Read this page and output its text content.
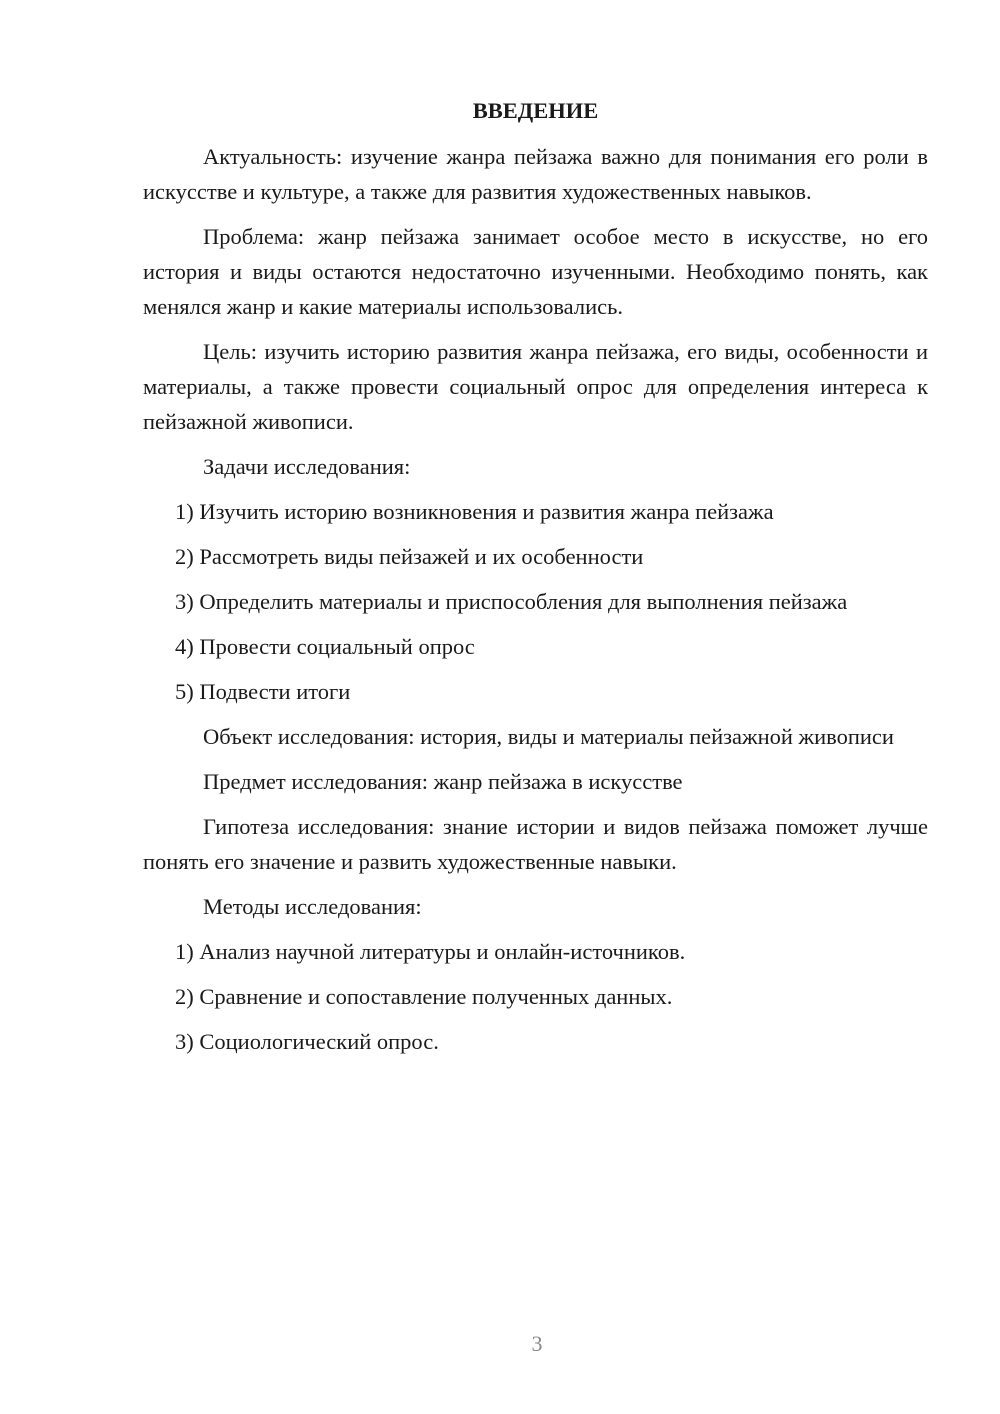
ВВЕДЕНИЕ

Актуальность: изучение жанра пейзажа важно для понимания его роли в искусстве и культуре, а также для развития художественных навыков.

Проблема: жанр пейзажа занимает особое место в искусстве, но его история и виды остаются недостаточно изученными. Необходимо понять, как менялся жанр и какие материалы использовались.

Цель: изучить историю развития жанра пейзажа, его виды, особенности и материалы, а также провести социальный опрос для определения интереса к пейзажной живописи.

Задачи исследования:

1) Изучить историю возникновения и развития жанра пейзажа

2) Рассмотреть виды пейзажей и их особенности

3) Определить материалы и приспособления для выполнения пейзажа

4) Провести социальный опрос

5) Подвести итоги

Объект исследования: история, виды и материалы пейзажной живописи

Предмет исследования: жанр пейзажа в искусстве

Гипотеза исследования: знание истории и видов пейзажа поможет лучше понять его значение и развить художественные навыки.

Методы исследования:

1) Анализ научной литературы и онлайн-источников.

2) Сравнение и сопоставление полученных данных.

3) Социологический опрос.

3
